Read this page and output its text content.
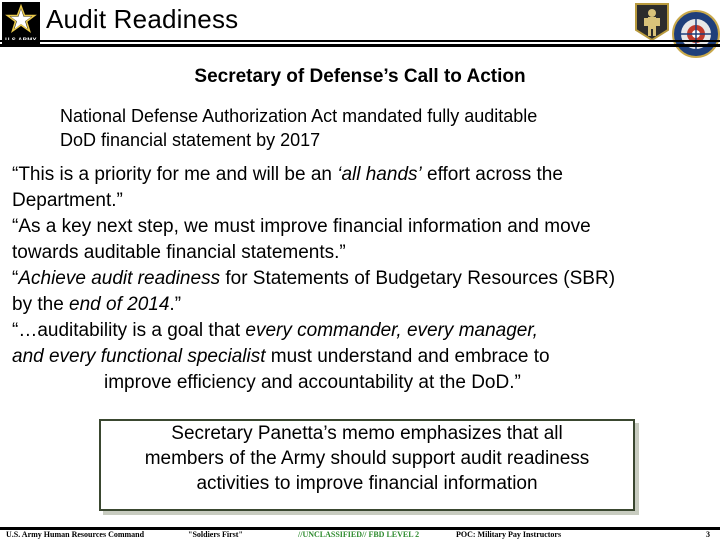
Audit Readiness
Secretary of Defense’s Call to Action
National Defense Authorization Act mandated fully auditable
DoD financial statement by 2017
“This is a priority for me and will be an ‘all hands’ effort across the
Department.”
“As a key next step, we must improve financial information and move
towards auditable financial statements.”
“Achieve audit readiness for Statements of Budgetary Resources (SBR)
by the end of 2014.”
“…auditability is a goal that every commander, every manager,
and every functional specialist must understand and embrace to
improve efficiency and accountability at the DoD.”
Secretary Panetta’s memo emphasizes that all
members of the Army should support audit readiness
activities to improve financial information
U.S. Army Human Resources Command	"Soldiers First"	//UNCLASSIFIED// FBD LEVEL 2	POC: Military Pay Instructors	3
